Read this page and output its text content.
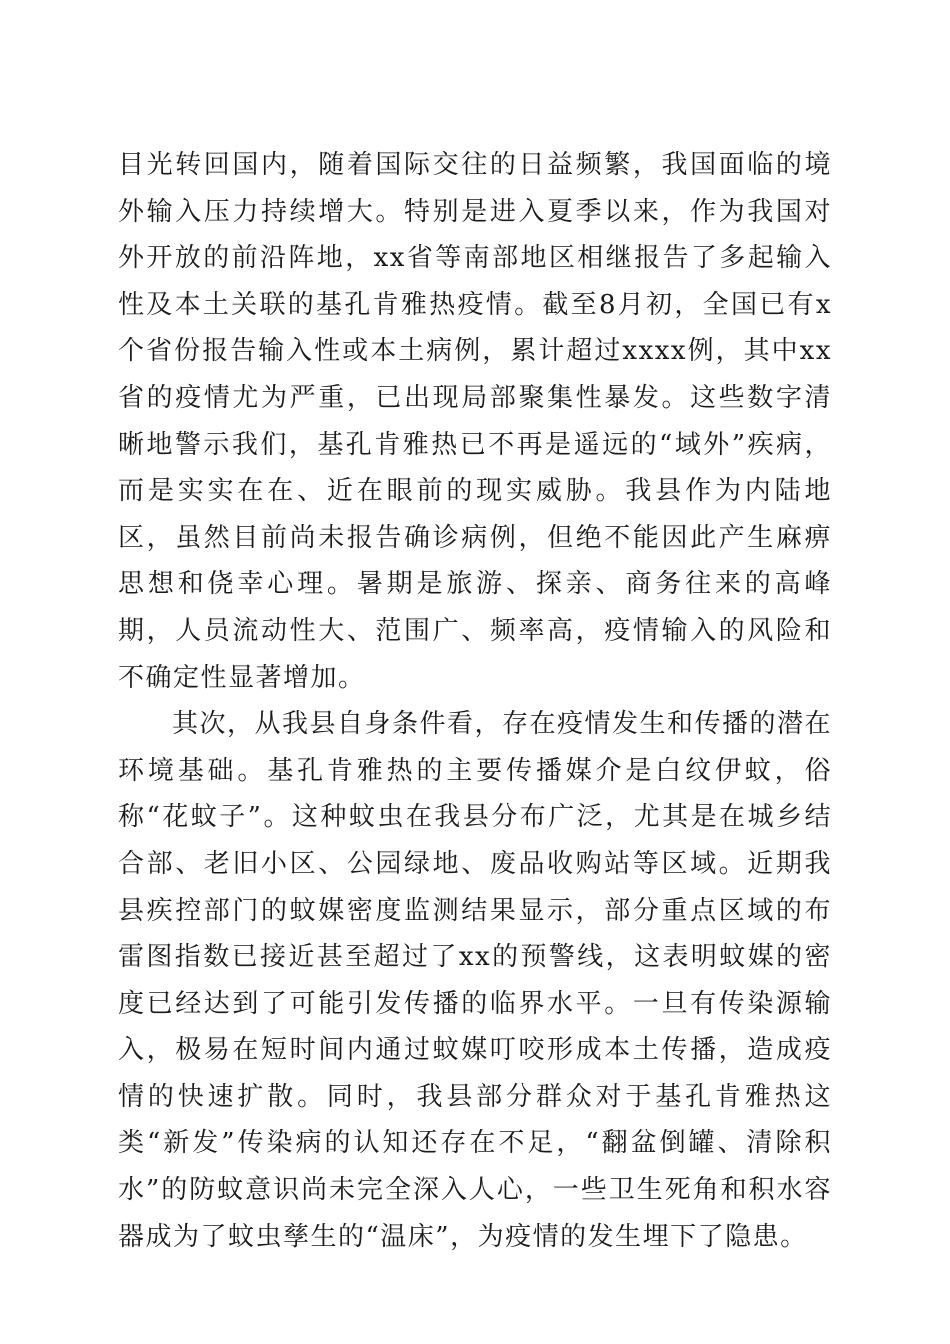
目光转回国内，随着国际交往的日益频繁，我国面临的境外输入压力持续增大。特别是进入夏季以来，作为我国对外开放的前沿阵地，xx省等南部地区相继报告了多起输入性及本土关联的基孔肯雅热疫情。截至8月初，全国已有x个省份报告输入性或本土病例，累计超过xxxx例，其中xx省的疫情尤为严重，已出现局部聚集性暴发。这些数字清晰地警示我们，基孔肯雅热已不再是遥远的“域外”疾病，而是实实在在、近在眼前的现实威胁。我县作为内陆地区，虽然目前尚未报告确诊病例，但绝不能因此产生麻痹思想和侥幸心理。暑期是旅游、探亲、商务往来的高峰期，人员流动性大、范围广、频率高，疫情输入的风险和不确定性显著增加。

其次，从我县自身条件看，存在疫情发生和传播的潜在环境基础。基孔肯雅热的主要传播媒介是白纹伊蚊，俗称“花蚊子”。这种蚊虫在我县分布广泛，尤其是在城乡结合部、老旧小区、公园绿地、废品收购站等区域。近期我县疾控部门的蚊媒密度监测结果显示，部分重点区域的布雷图指数已接近甚至超过了xx的预警线，这表明蚊媒的密度已经达到了可能引发传播的临界水平。一旦有传染源输入，极易在短时间内通过蚊媒叮咬形成本土传播，造成疫情的快速扩散。同时，我县部分群众对于基孔肯雅热这类“新发”传染病的认知还存在不足，“翻盆倒罐、清除积水”的防蚊意识尚未完全深入人心，一些卫生死角和积水容器成为了蚊虫孳生的“温床”，为疫情的发生埋下了隐患。
